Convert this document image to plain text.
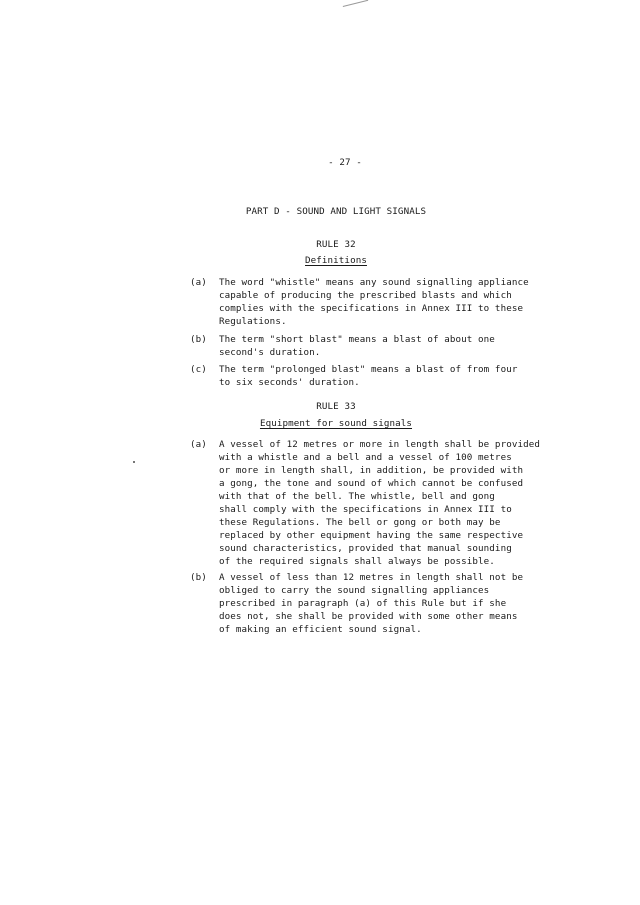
- 27 -
PART D - SOUND AND LIGHT SIGNALS
RULE 32
Definitions
(a) The word "whistle" means any sound signalling appliance
capable of producing the prescribed blasts and which
complies with the specifications in Annex III to these
Regulations.
(b) The term "short blast" means a blast of about one
second's duration.
(c) The term "prolonged blast" means a blast of from four
to six seconds' duration.
RULE 33
Equipment for sound signals
(a) A vessel of 12 metres or more in length shall be provided
with a whistle and a bell and a vessel of 100 metres
or more in length shall, in addition, be provided with
a gong, the tone and sound of which cannot be confused
with that of the bell. The whistle, bell and gong
shall comply with the specifications in Annex III to
these Regulations. The bell or gong or both may be
replaced by other equipment having the same respective
sound characteristics, provided that manual sounding
of the required signals shall always be possible.
(b) A vessel of less than 12 metres in length shall not be
obliged to carry the sound signalling appliances
prescribed in paragraph (a) of this Rule but if she
does not, she shall be provided with some other means
of making an efficient sound signal.
